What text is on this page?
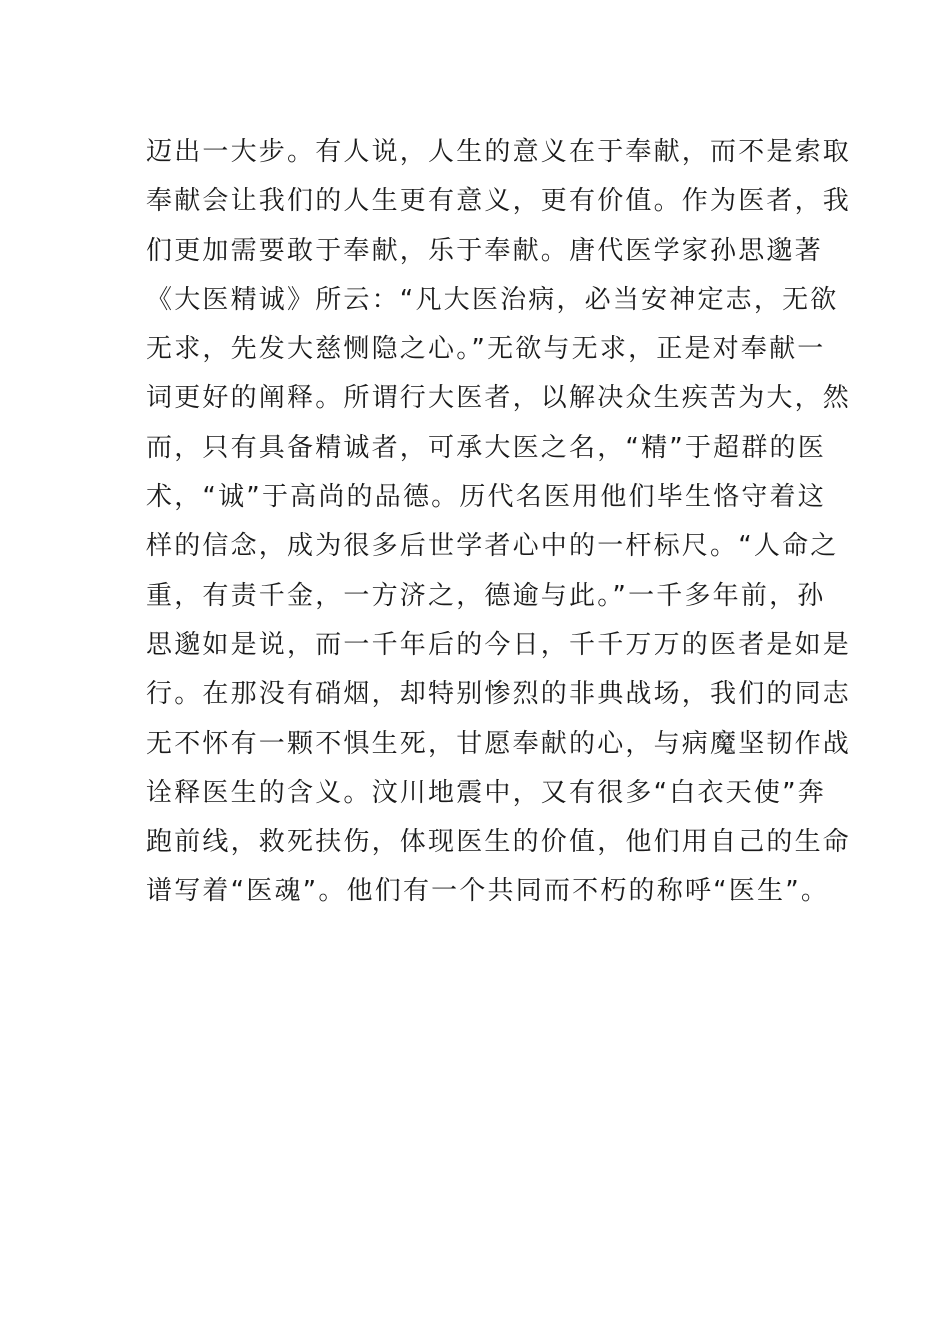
迈出一大步。有人说，人生的意义在于奉献，而不是索取
奉献会让我们的人生更有意义，更有价值。作为医者，我
们更加需要敢于奉献，乐于奉献。唐代医学家孙思邈著
《大医精诚》所云：“凡大医治病，必当安神定志，无欲
无求，先发大慈恻隐之心。”无欲与无求，正是对奉献一
词更好的阐释。所谓行大医者，以解决众生疾苦为大，然
而，只有具备精诚者，可承大医之名，“精”于超群的医
术，“诚”于高尚的品德。历代名医用他们毕生恪守着这
样的信念，成为很多后世学者心中的一杆标尺。“人命之
重，有责千金，一方济之，德逾与此。”一千多年前，孙
思邈如是说，而一千年后的今日，千千万万的医者是如是
行。在那没有硝烟，却特别惨烈的非典战场，我们的同志
无不怀有一颗不惧生死，甘愿奉献的心，与病魔坚韧作战
诠释医生的含义。汶川地震中，又有很多“白衣天使”奔
跑前线，救死扶伤，体现医生的价值，他们用自己的生命
谱写着“医魂”。他们有一个共同而不朽的称呼“医生”。
